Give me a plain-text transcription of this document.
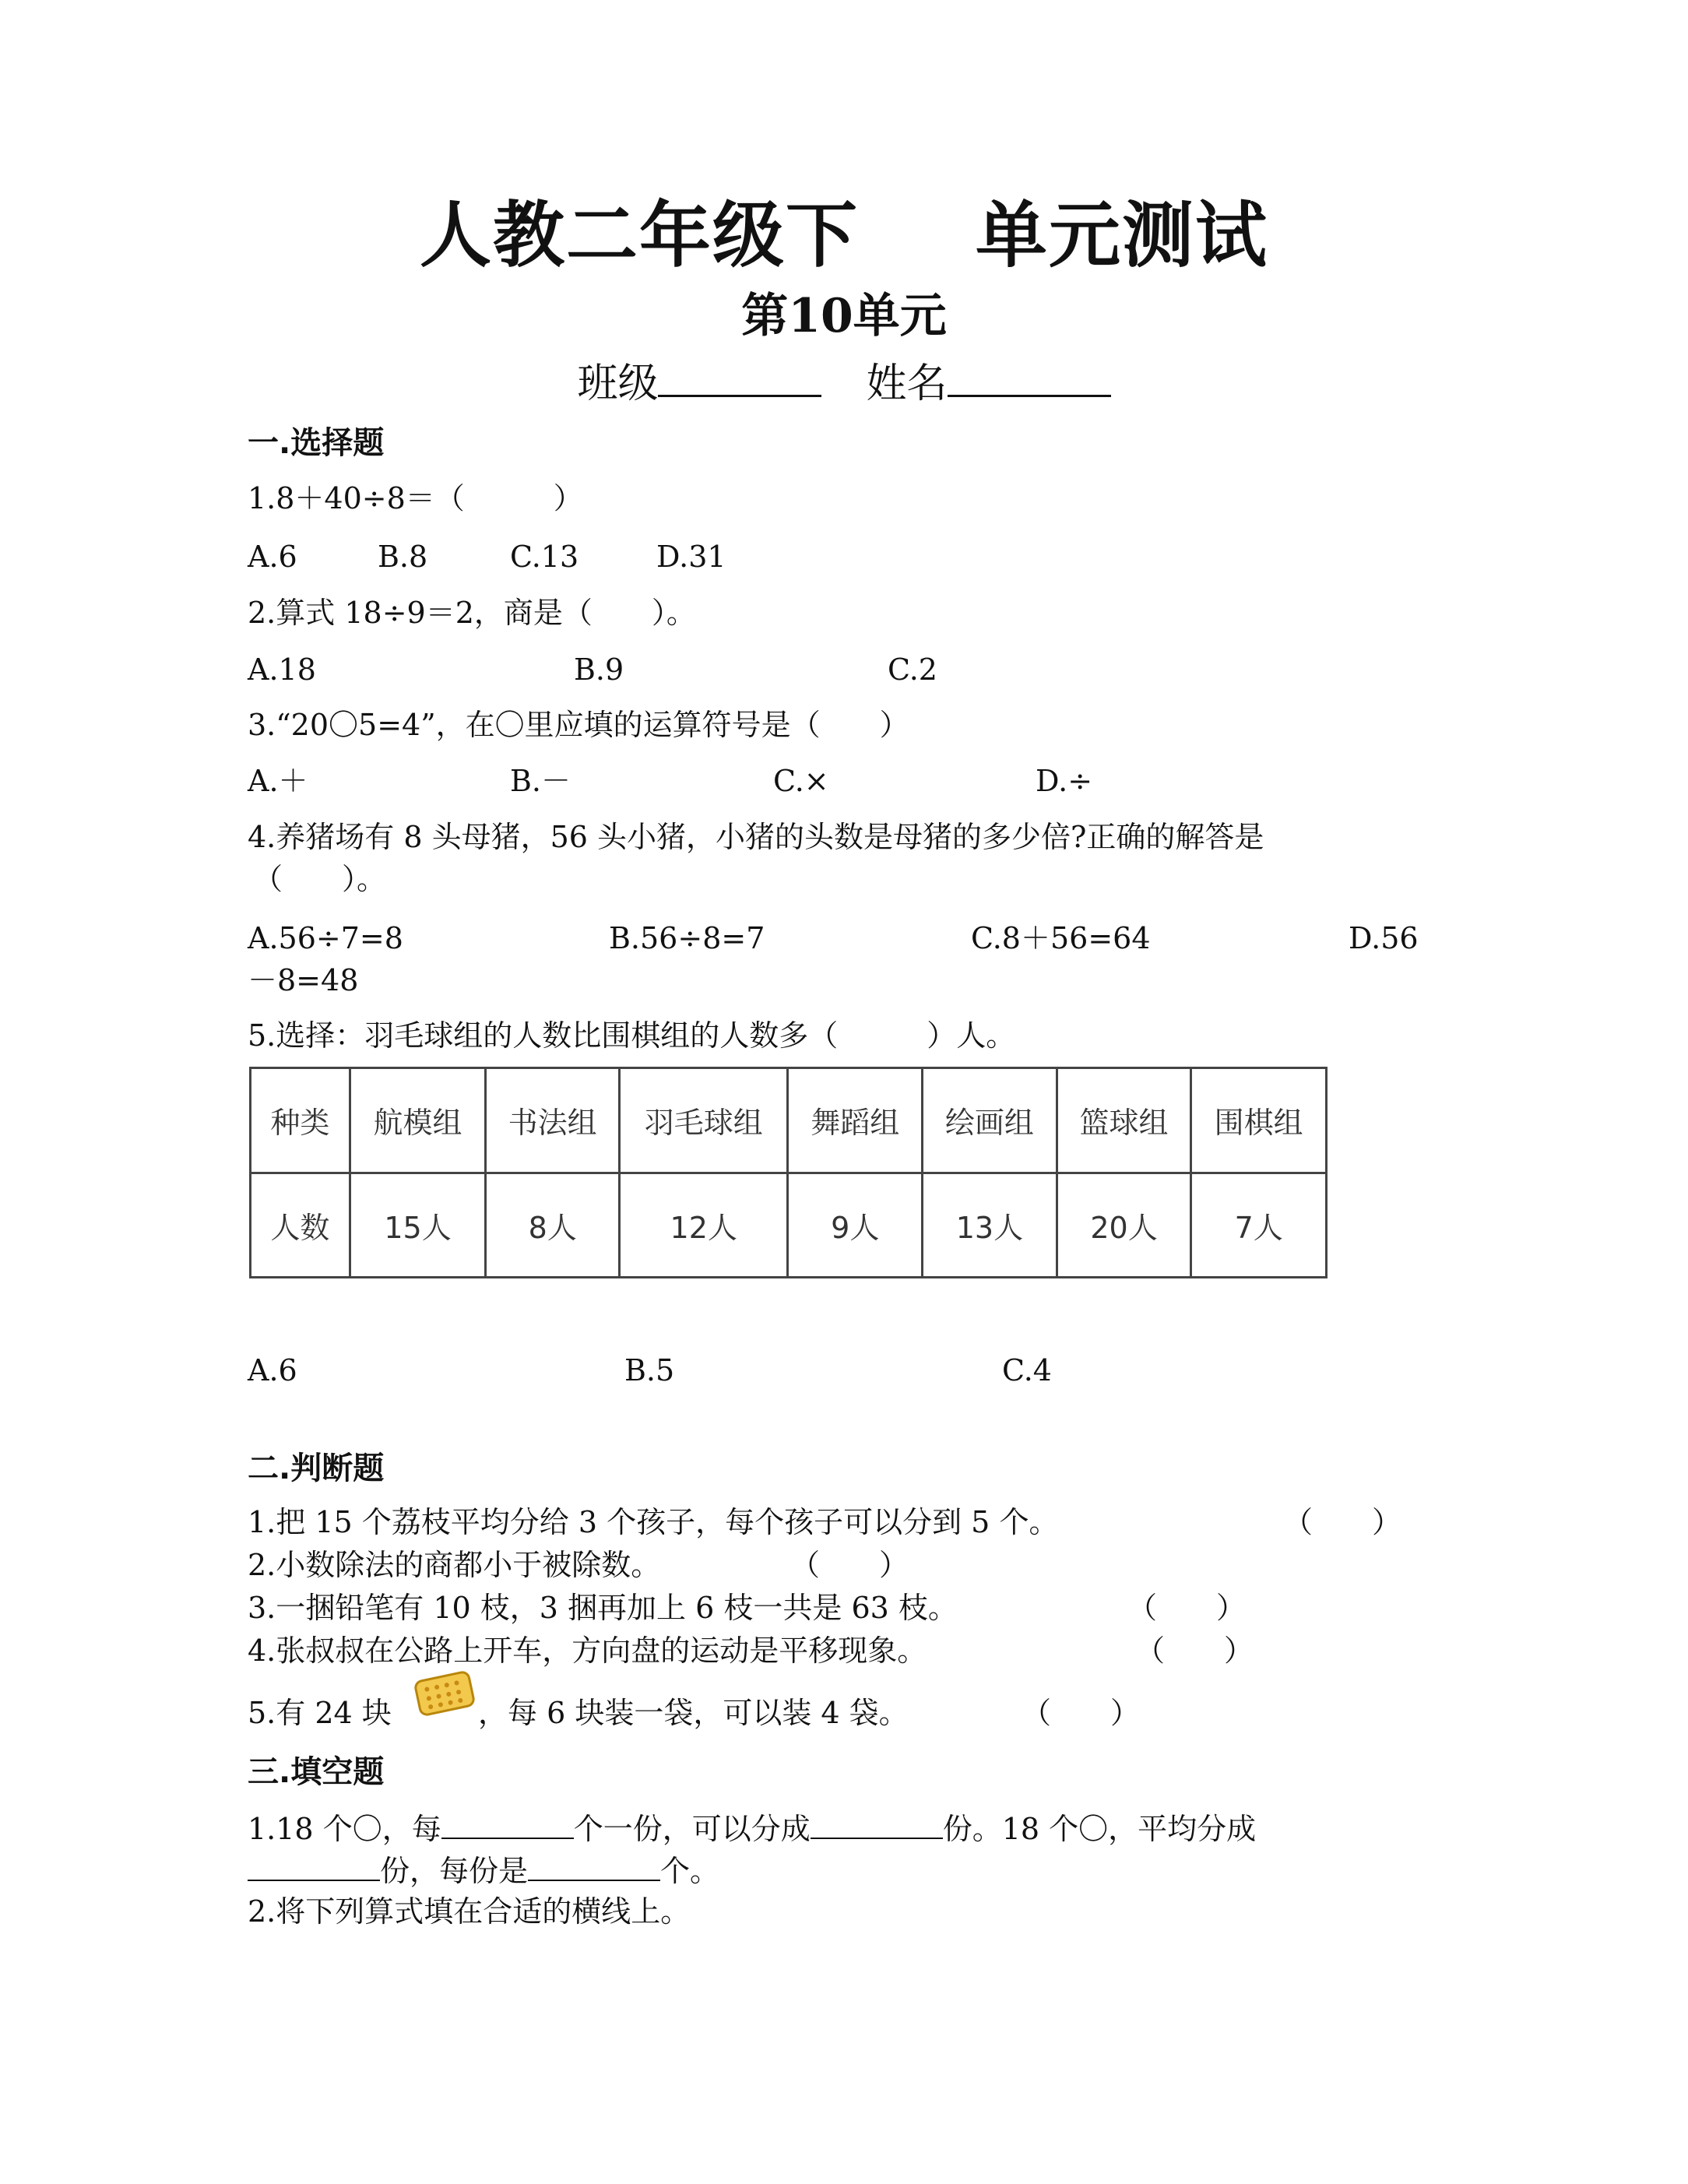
人教二年级下 单元测试
第10单元
班级	姓名
一.选择题
1.8＋40÷8＝（　　　）
A.6	B.8	C.13	D.31
2.算式 18÷9＝2，商是（　　）。
A.18	B.9	C.2
3.“20〇5=4”，在〇里应填的运算符号是（　　）
A.＋	B.－	C.×	D.÷
4.养猪场有 8 头母猪，56 头小猪，小猪的头数是母猪的多少倍?正确的解答是
（　　）。
A.56÷7=8	B.56÷8=7	C.8＋56=64	D.56
－8=48
5.选择：羽毛球组的人数比围棋组的人数多（　　　）人。
种类	航模组	书法组	羽毛球组	舞蹈组	绘画组	篮球组	围棋组
人数	15人	8人	12人	9人	13人	20人	7人
A.6	B.5	C.4
二.判断题
1.把 15 个荔枝平均分给 3 个孩子，每个孩子可以分到 5 个。	（　　）
2.小数除法的商都小于被除数。	（　　）
3.一捆铅笔有 10 枝，3 捆再加上 6 枝一共是 63 枝。	（　　）
4.张叔叔在公路上开车，方向盘的运动是平移现象。	（　　）
5.有 24 块	，每 6 块装一袋，可以装 4 袋。	（　　）
三.填空题
1.18 个〇，每	个一份，可以分成	份。18 个〇，平均分成
份，每份是	个。
2.将下列算式填在合适的横线上。
